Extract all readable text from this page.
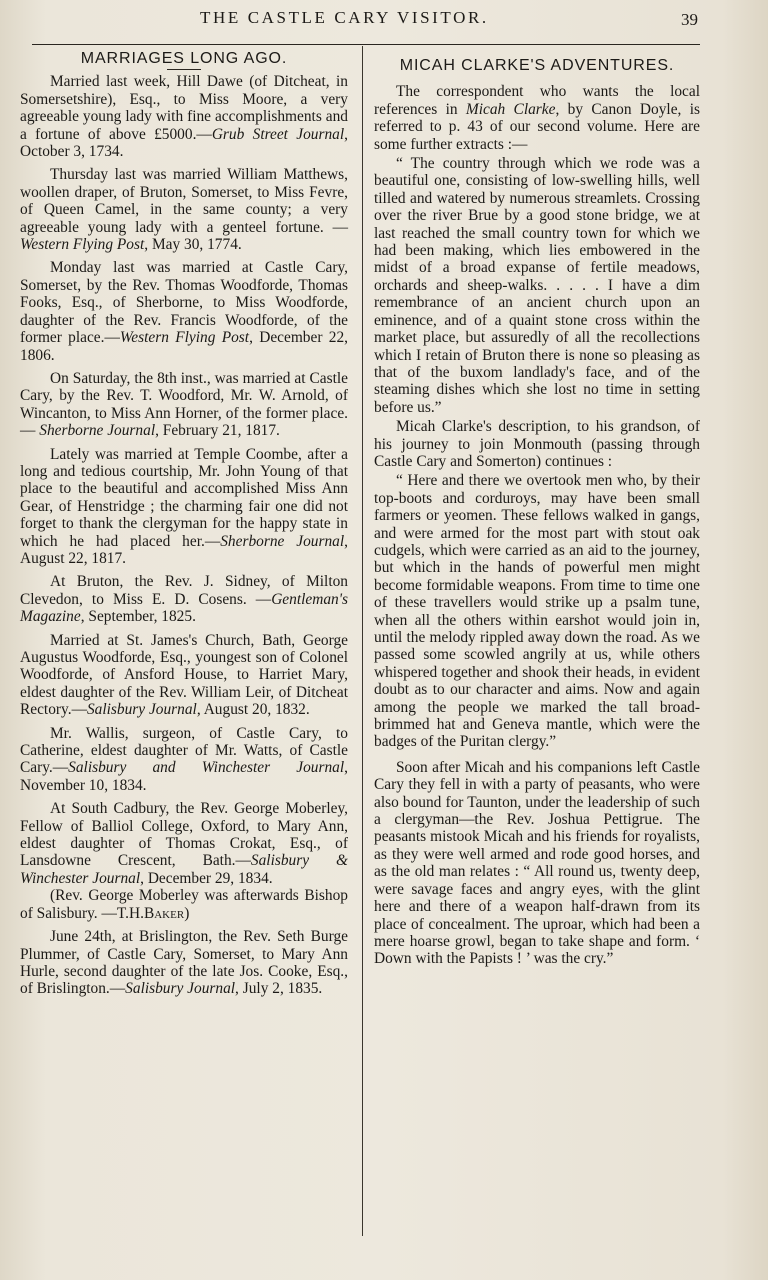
THE CASTLE CARY VISITOR.	39
MARRIAGES LONG AGO.

Married last week, Hill Dawe (of Ditcheat, in Somersetshire), Esq., to Miss Moore, a very agreeable young lady with fine accomplishments and a fortune of above £5000.—Grub Street Journal, October 3, 1734.

Thursday last was married William Matthews, woollen draper, of Bruton, Somerset, to Miss Fevre, of Queen Camel, in the same county; a very agreeable young lady with a genteel fortune. —Western Flying Post, May 30, 1774.

Monday last was married at Castle Cary, Somerset, by the Rev. Thomas Woodforde, Thomas Fooks, Esq., of Sherborne, to Miss Woodforde, daughter of the Rev. Francis Woodforde, of the former place.—Western Flying Post, December 22, 1806.

On Saturday, the 8th inst., was married at Castle Cary, by the Rev. T. Woodford, Mr. W. Arnold, of Wincanton, to Miss Ann Horner, of the former place.— Sherborne Journal, February 21, 1817.

Lately was married at Temple Coombe, after a long and tedious courtship, Mr. John Young of that place to the beautiful and accomplished Miss Ann Gear, of Henstridge ; the charming fair one did not forget to thank the clergyman for the happy state in which he had placed her.—Sherborne Journal, August 22, 1817.

At Bruton, the Rev. J. Sidney, of Milton Clevedon, to Miss E. D. Cosens. —Gentleman's Magazine, September, 1825.

Married at St. James's Church, Bath, George Augustus Woodforde, Esq., youngest son of Colonel Woodforde, of Ansford House, to Harriet Mary, eldest daughter of the Rev. William Leir, of Ditcheat Rectory.—Salisbury Journal, August 20, 1832.

Mr. Wallis, surgeon, of Castle Cary, to Catherine, eldest daughter of Mr. Watts, of Castle Cary.—Salisbury and Winchester Journal, November 10, 1834.

At South Cadbury, the Rev. George Moberley, Fellow of Balliol College, Oxford, to Mary Ann, eldest daughter of Thomas Crokat, Esq., of Lansdowne Crescent, Bath.—Salisbury & Winchester Journal, December 29, 1834.

(Rev. George Moberley was afterwards Bishop of Salisbury. —T.H.Baker)

June 24th, at Brislington, the Rev. Seth Burge Plummer, of Castle Cary, Somerset, to Mary Ann Hurle, second daughter of the late Jos. Cooke, Esq., of Brislington.—Salisbury Journal, July 2, 1835.

MICAH CLARKE'S ADVENTURES.

The correspondent who wants the local references in Micah Clarke, by Canon Doyle, is referred to p. 43 of our second volume. Here are some further extracts :—

“ The country through which we rode was a beautiful one, consisting of low-swelling hills, well tilled and watered by numerous streamlets. Crossing over the river Brue by a good stone bridge, we at last reached the small country town for which we had been making, which lies embowered in the midst of a broad expanse of fertile meadows, orchards and sheep-walks. . . . . I have a dim remembrance of an ancient church upon an eminence, and of a quaint stone cross within the market place, but assuredly of all the recollections which I retain of Bruton there is none so pleasing as that of the buxom landlady's face, and of the steaming dishes which she lost no time in setting before us.”

Micah Clarke's description, to his grandson, of his journey to join Monmouth (passing through Castle Cary and Somerton) continues :

“ Here and there we overtook men who, by their top-boots and corduroys, may have been small farmers or yeomen. These fellows walked in gangs, and were armed for the most part with stout oak cudgels, which were carried as an aid to the journey, but which in the hands of powerful men might become formidable weapons. From time to time one of these travellers would strike up a psalm tune, when all the others within earshot would join in, until the melody rippled away down the road. As we passed some scowled angrily at us, while others whispered together and shook their heads, in evident doubt as to our character and aims. Now and again among the people we marked the tall broad-brimmed hat and Geneva mantle, which were the badges of the Puritan clergy.”

Soon after Micah and his companions left Castle Cary they fell in with a party of peasants, who were also bound for Taunton, under the leadership of such a clergyman—the Rev. Joshua Pettigrue. The peasants mistook Micah and his friends for royalists, as they were well armed and rode good horses, and as the old man relates : “ All round us, twenty deep, were savage faces and angry eyes, with the glint here and there of a weapon half-drawn from its place of concealment. The uproar, which had been a mere hoarse growl, began to take shape and form. ‘ Down with the Papists ! ’ was the cry.”
